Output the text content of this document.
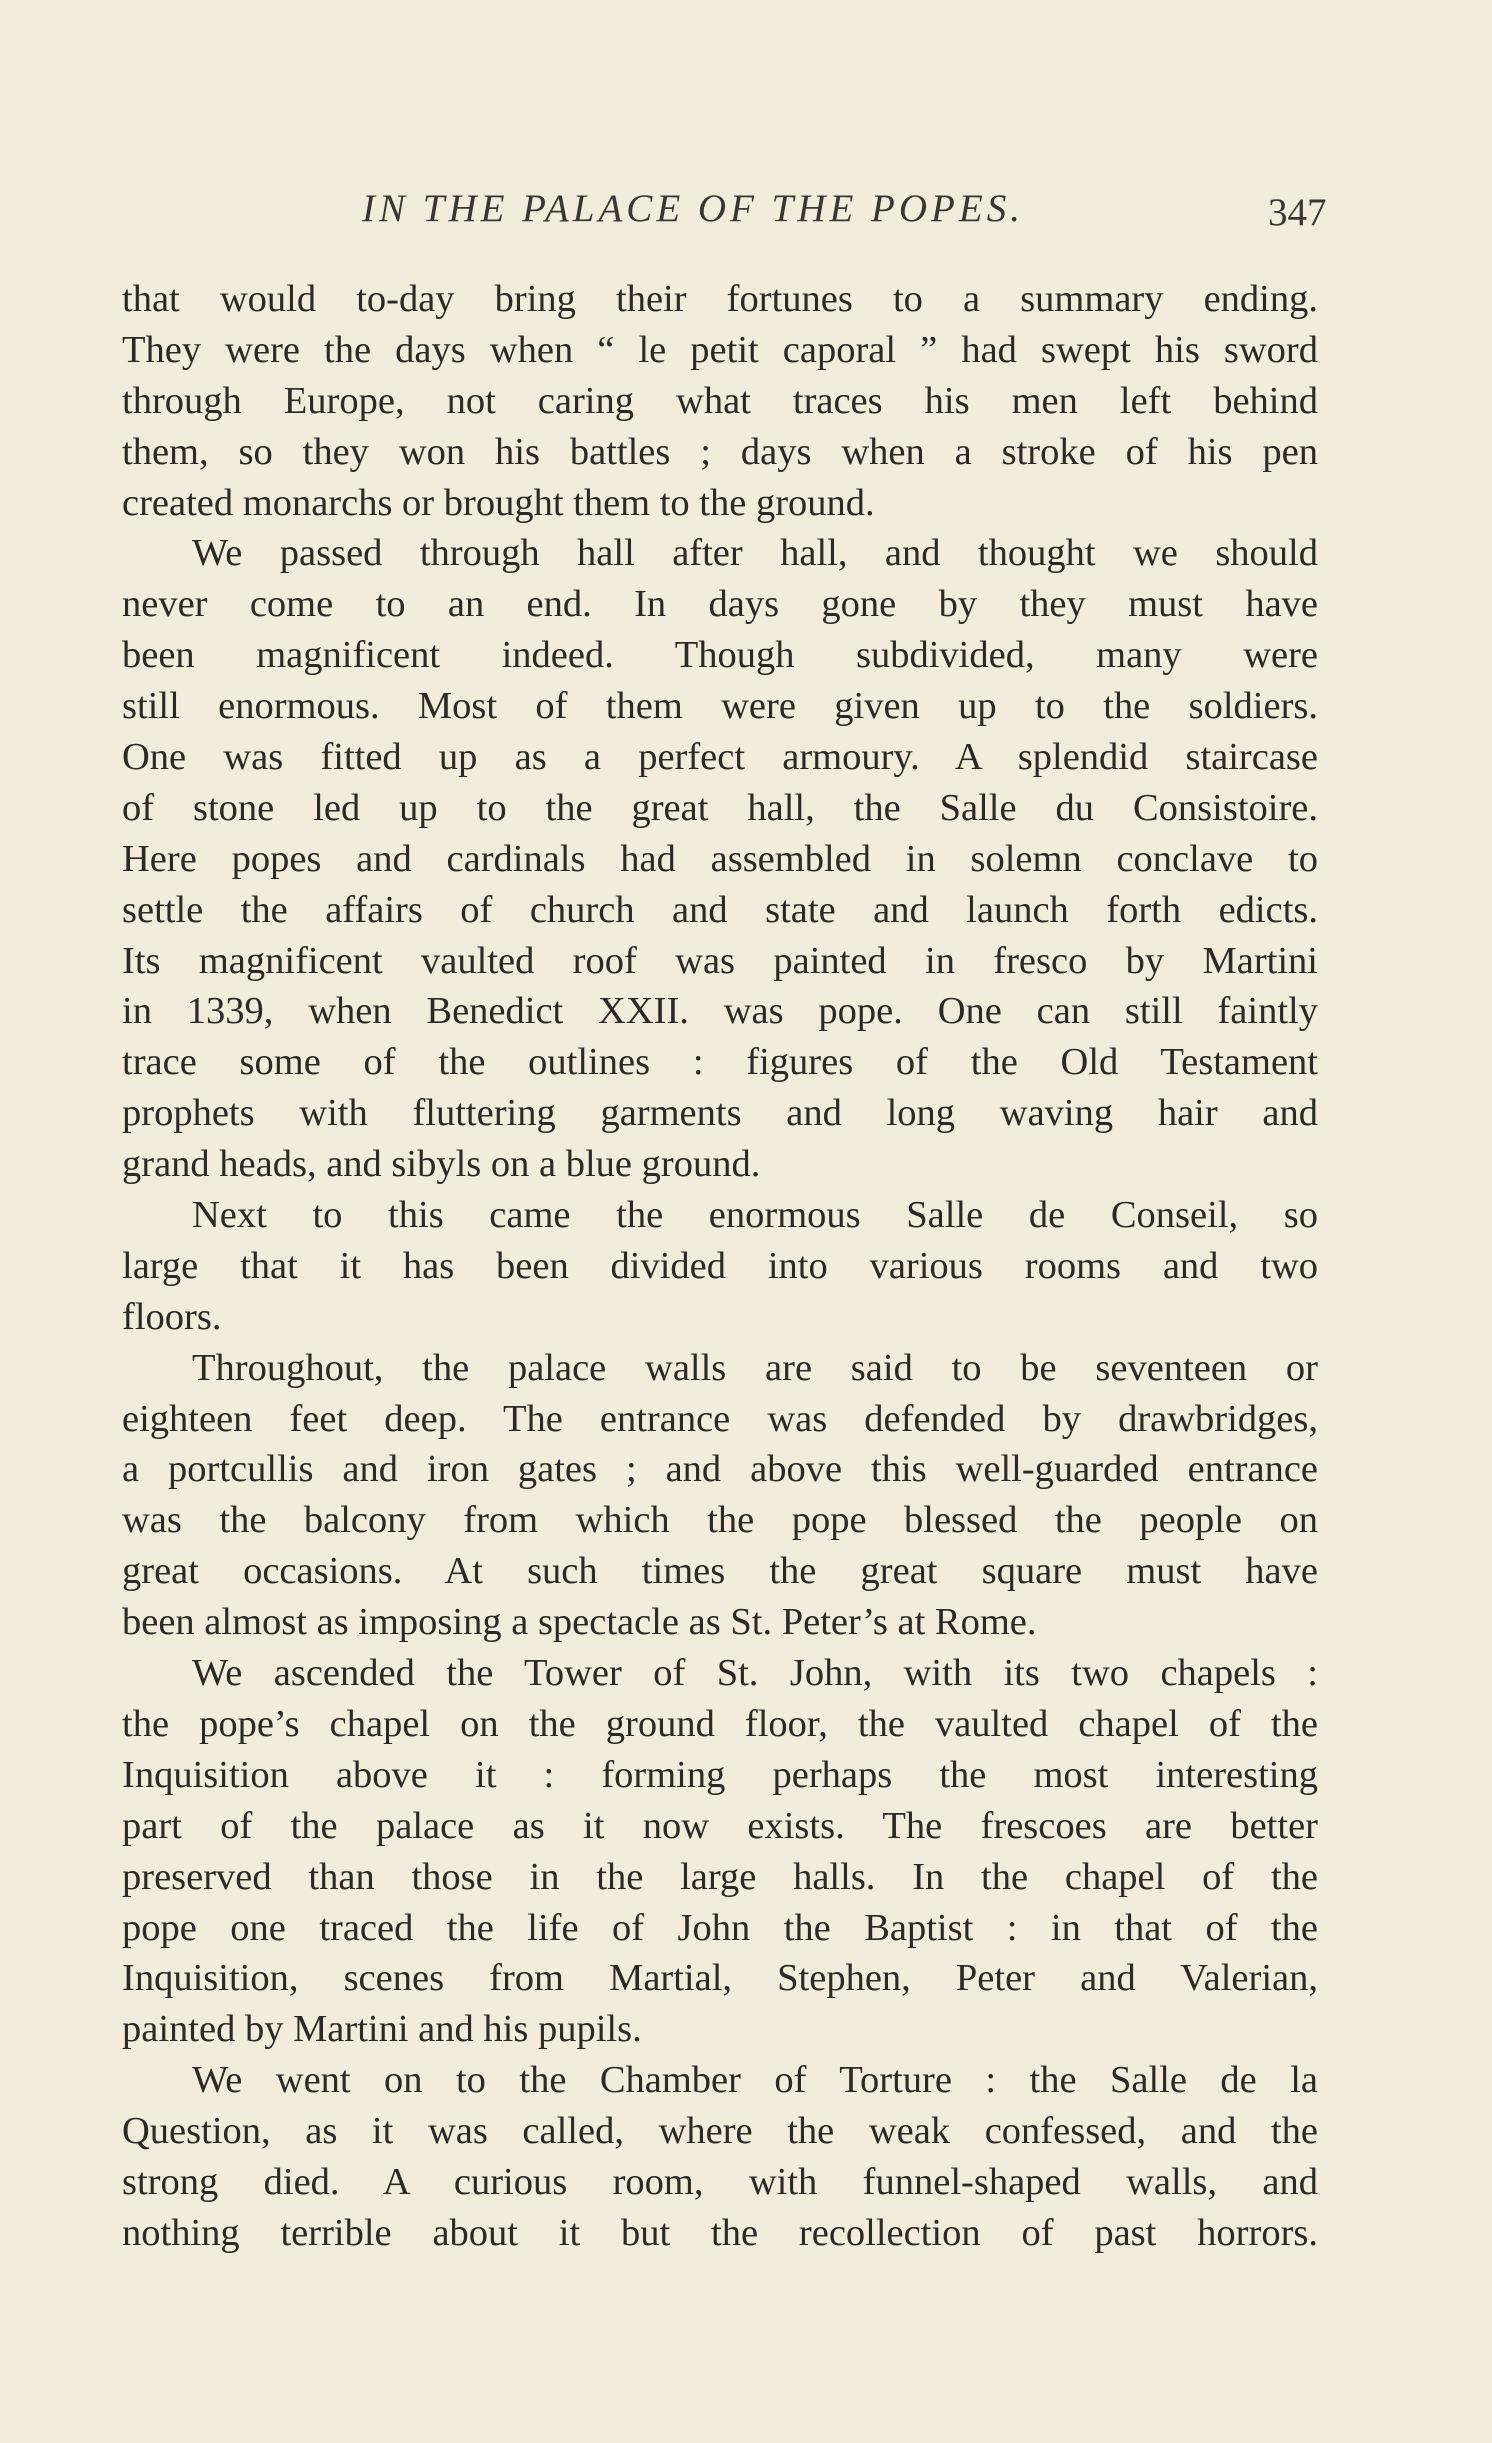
IN THE PALACE OF THE POPES.	347
that would to-day bring their fortunes to a summary ending.
They were the days when “ le petit caporal ” had swept his sword
through Europe, not caring what traces his men left behind
them, so they won his battles ; days when a stroke of his pen
created monarchs or brought them to the ground.
We passed through hall after hall, and thought we should
never come to an end. In days gone by they must have
been magnificent indeed. Though subdivided, many were
still enormous. Most of them were given up to the soldiers.
One was fitted up as a perfect armoury. A splendid staircase
of stone led up to the great hall, the Salle du Consistoire.
Here popes and cardinals had assembled in solemn conclave to
settle the affairs of church and state and launch forth edicts.
Its magnificent vaulted roof was painted in fresco by Martini
in 1339, when Benedict XXII. was pope. One can still faintly
trace some of the outlines : figures of the Old Testament
prophets with fluttering garments and long waving hair and
grand heads, and sibyls on a blue ground.
Next to this came the enormous Salle de Conseil, so
large that it has been divided into various rooms and two
floors.
Throughout, the palace walls are said to be seventeen or
eighteen feet deep. The entrance was defended by drawbridges,
a portcullis and iron gates ; and above this well-guarded entrance
was the balcony from which the pope blessed the people on
great occasions. At such times the great square must have
been almost as imposing a spectacle as St. Peter’s at Rome.
We ascended the Tower of St. John, with its two chapels :
the pope’s chapel on the ground floor, the vaulted chapel of the
Inquisition above it : forming perhaps the most interesting
part of the palace as it now exists. The frescoes are better
preserved than those in the large halls. In the chapel of the
pope one traced the life of John the Baptist : in that of the
Inquisition, scenes from Martial, Stephen, Peter and Valerian,
painted by Martini and his pupils.
We went on to the Chamber of Torture : the Salle de la
Question, as it was called, where the weak confessed, and the
strong died. A curious room, with funnel-shaped walls, and
nothing terrible about it but the recollection of past horrors.
